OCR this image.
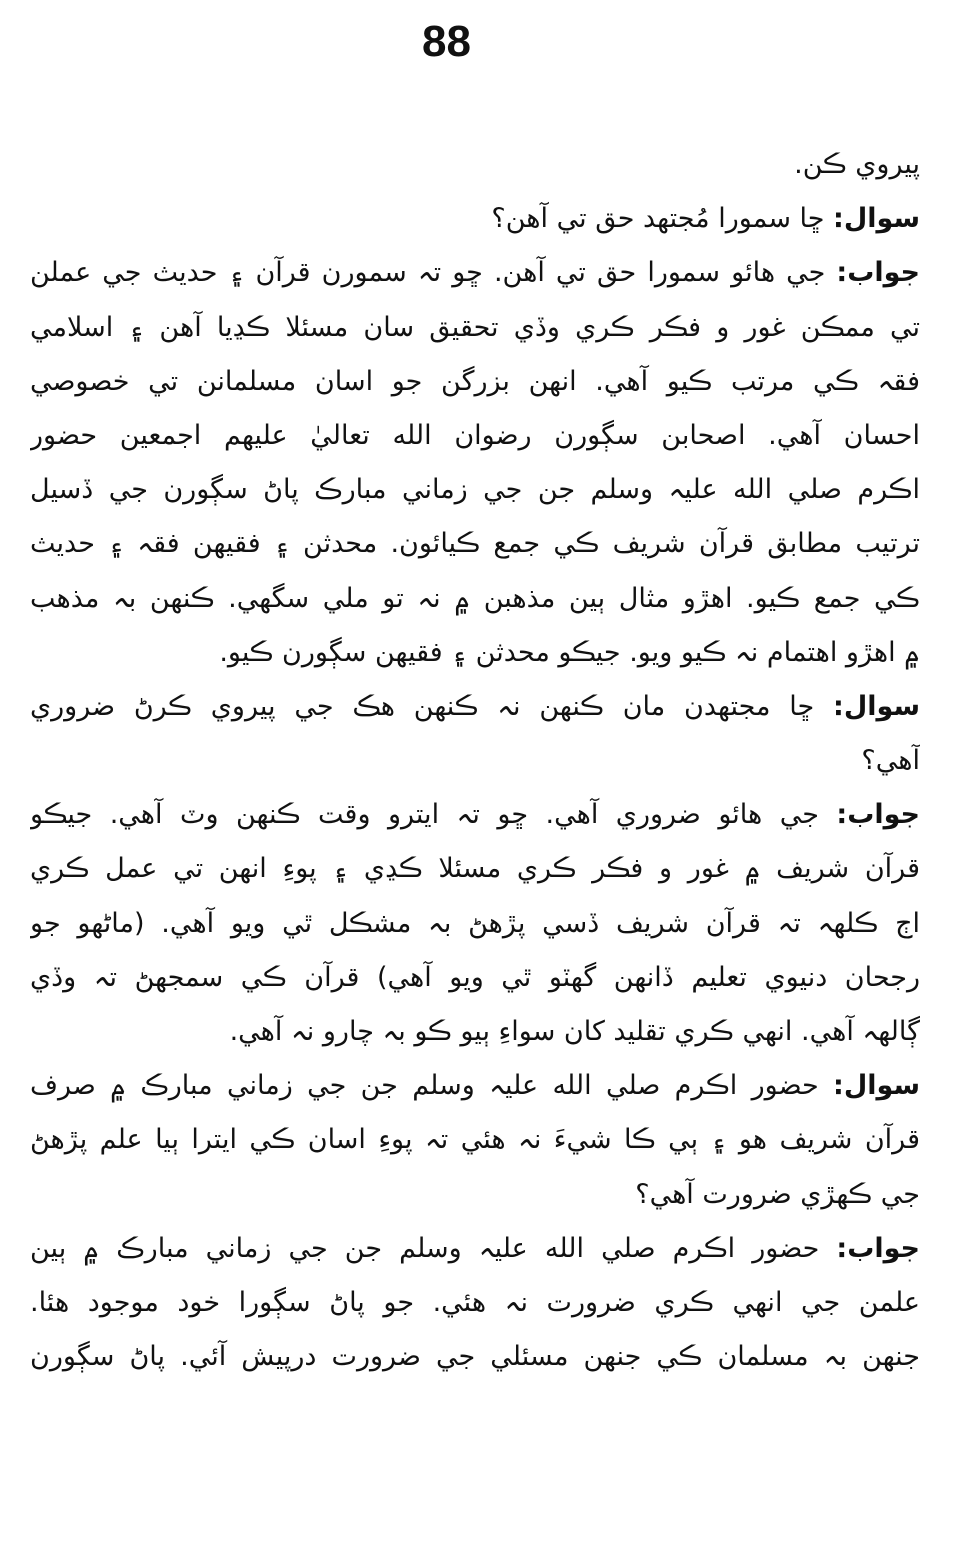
88
پيروي ڪن.
سوال: ڇا سمورا مُجتهد حق تي آهن؟
جواب: جي هائو سمورا حق تي آهن. ڇو تہ سمورن قرآن ۽ حديث جي عملن
تي ممڪن غور و فڪر ڪري وڏي تحقيق سان مسئلا ڪڍيا آهن ۽ اسلامي
فقہ ڪي مرتب ڪيو آهي. انهن بزرگن جو اسان مسلمانن تي خصوصي
احسان آهي. اصحابن سڳورن رضوان الله تعاليٰ عليهم اجمعين حضور
اڪرم صلي الله عليہ وسلم جن جي زماني مبارڪ پاڻ سڳورن جي ڏسيل
ترتيب مطابق قرآن شريف ڪي جمع ڪيائون. محدثن ۽ فقيهن فقہ ۽ حديث
ڪي جمع ڪيو. اهڙو مثال ٻين مذهبن ۾ نہ تو ملي سگهي. ڪنهن بہ مذهب
۾ اهڙو اهتمام نہ ڪيو ويو. جيڪو محدثن ۽ فقيهن سڳورن ڪيو.
سوال: ڇا مجتهدن مان ڪنهن نہ ڪنهن هڪ جي پيروي ڪرڻ ضروري
آهي؟
جواب: جي هائو ضروري آهي. ڇو تہ ايترو وقت ڪنهن وٽ آهي. جيڪو
قرآن شريف ۾ غور و فڪر ڪري مسئلا ڪڍي ۽ پوءِ انهن تي عمل ڪري
اڄ ڪلهہ تہ قرآن شريف ڏسي پڙهڻ بہ مشڪل ٿي ويو آهي. (ماڻهو جو
رجحان دنيوي تعليم ڏانهن گهٽو ٿي ويو آهي) قرآن ڪي سمجهڻ تہ وڏي
ڳالهہ آهي. انهي ڪري تقليد کان سواءِ ٻيو ڪو بہ چارو نہ آهي.
سوال: حضور اڪرم صلي الله عليہ وسلم جن جي زماني مبارڪ ۾ صرف
قرآن شريف هو ۽ ٻي ڪا شيءَ نہ هئي تہ پوءِ اسان ڪي ايترا ٻيا علم پڙهڻ
جي ڪهڙي ضرورت آهي؟
جواب: حضور اڪرم صلي الله عليہ وسلم جن جي زماني مبارڪ ۾ ٻين
علمن جي انهي ڪري ضرورت نہ هئي. جو پاڻ سڳورا خود موجود هئا.
جنهن بہ مسلمان ڪي جنهن مسئلي جي ضرورت درپيش آئي. پاڻ سڳورن
